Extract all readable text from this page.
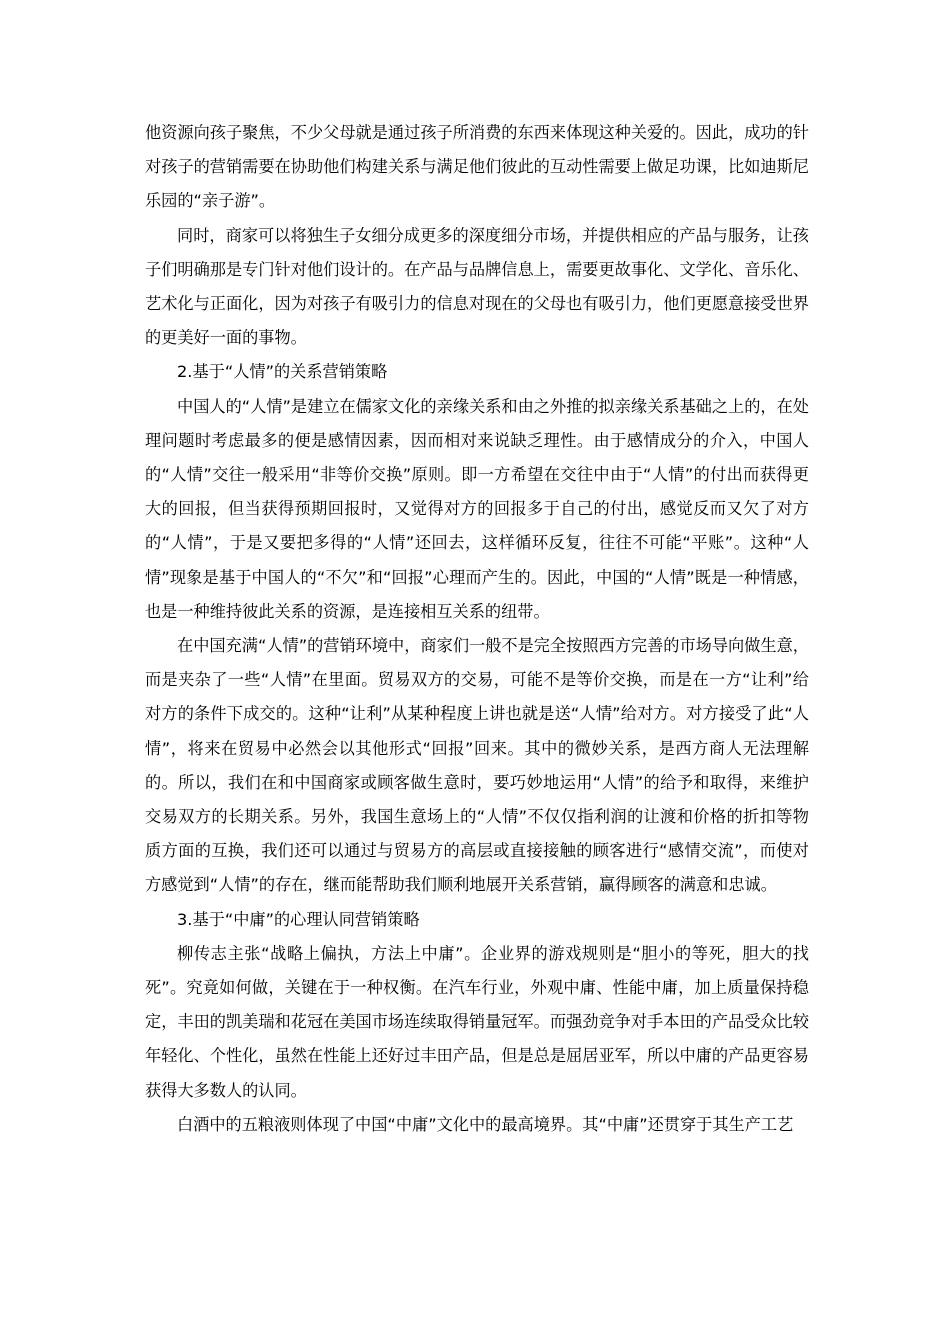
他资源向孩子聚焦，不少父母就是通过孩子所消费的东西来体现这种关爱的。因此，成功的针对孩子的营销需要在协助他们构建关系与满足他们彼此的互动性需要上做足功课，比如迪斯尼乐园的“亲子游”。

同时，商家可以将独生子女细分成更多的深度细分市场，并提供相应的产品与服务，让孩子们明确那是专门针对他们设计的。在产品与品牌信息上，需要更故事化、文学化、音乐化、艺术化与正面化，因为对孩子有吸引力的信息对现在的父母也有吸引力，他们更愿意接受世界的更美好一面的事物。

2.基于“人情”的关系营销策略

中国人的“人情”是建立在儒家文化的亲缘关系和由之外推的拟亲缘关系基础之上的，在处理问题时考虑最多的便是感情因素，因而相对来说缺乏理性。由于感情成分的介入，中国人的“人情”交往一般采用“非等价交换”原则。即一方希望在交往中由于“人情”的付出而获得更大的回报，但当获得预期回报时，又觉得对方的回报多于自己的付出，感觉反而又欠了对方的“人情”，于是又要把多得的“人情”还回去，这样循环反复，往往不可能“平账”。这种“人情”现象是基于中国人的“不欠”和“回报”心理而产生的。因此，中国的“人情”既是一种情感，也是一种维持彼此关系的资源，是连接相互关系的纽带。

在中国充满“人情”的营销环境中，商家们一般不是完全按照西方完善的市场导向做生意，而是夹杂了一些“人情”在里面。贸易双方的交易，可能不是等价交换，而是在一方“让利”给对方的条件下成交的。这种“让利”从某种程度上讲也就是送“人情”给对方。对方接受了此“人情”，将来在贸易中必然会以其他形式“回报”回来。其中的微妙关系，是西方商人无法理解的。所以，我们在和中国商家或顾客做生意时，要巧妙地运用“人情”的给予和取得，来维护交易双方的长期关系。另外，我国生意场上的“人情”不仅仅指利润的让渡和价格的折扣等物质方面的互换，我们还可以通过与贸易方的高层或直接接触的顾客进行“感情交流”，而使对方感觉到“人情”的存在，继而能帮助我们顺利地展开关系营销，赢得顾客的满意和忠诚。

3.基于“中庸”的心理认同营销策略

柳传志主张“战略上偏执，方法上中庸”。企业界的游戏规则是“胆小的等死，胆大的找死”。究竟如何做，关键在于一种权衡。在汽车行业，外观中庸、性能中庸，加上质量保持稳定，丰田的凯美瑞和花冠在美国市场连续取得销量冠军。而强劲竞争对手本田的产品受众比较年轻化、个性化，虽然在性能上还好过丰田产品，但是总是屈居亚军，所以中庸的产品更容易获得大多数人的认同。

白酒中的五粮液则体现了中国“中庸”文化中的最高境界。其“中庸”还贯穿于其生产工艺
